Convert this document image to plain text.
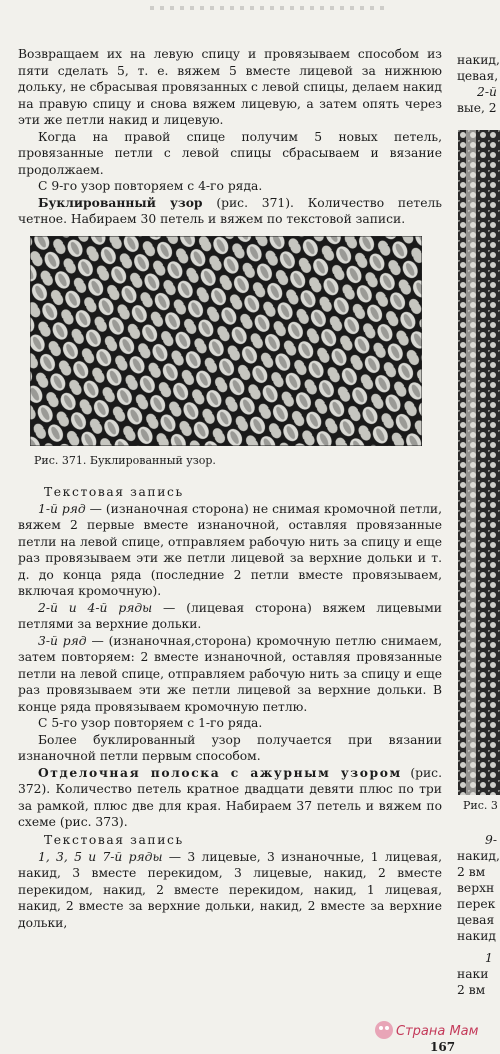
Возвращаем их на левую спицу и провязываем способом из пяти сделать 5, т. е. вяжем 5 вместе лицевой за нижнюю дольку, не сбрасывая провязанных с левой спицы, делаем накид на правую спицу и снова вяжем лицевую, а затем опять через эти же петли накид и лицевую.

Когда на правой спице получим 5 новых петель, провязанные петли с левой спицы сбрасываем и вязание продолжаем.

С 9-го узор повторяем с 4-го ряда.

Буклированный узор (рис. 371). Количество петель четное. Набираем 30 петель и вяжем по текстовой записи.

Рис. 371. Буклированный узор.

Текстовая запись

1-й ряд — (изнаночная сторона) не снимая кромочной петли, вяжем 2 первые вместе изнаночной, оставляя провязанные петли на левой спице, отправляем рабочую нить за спицу и еще раз провязываем эти же петли лицевой за верхние дольки и т. д. до конца ряда (последние 2 петли вместе провязываем, включая кромочную).

2-й и 4-й ряды — (лицевая сторона) вяжем лицевыми петлями за верхние дольки.

3-й ряд — (изнаночная,сторона) кромочную петлю снимаем, затем повторяем: 2 вместе изнаночной, оставляя провязанные петли на левой спице, отправляем рабочую нить за спицу и еще раз провязываем эти же петли лицевой за верхние дольки. В конце ряда провязываем кромочную петлю.

С 5-го узор повторяем с 1-го ряда.

Более буклированный узор получается при вязании изнаночной петли первым способом.

Отделочная полоска с ажурным узором (рис. 372). Количество петель кратное двадцати девяти плюс по три за рамкой, плюс две для края. Набираем 37 петель и вяжем по схеме (рис. 373).

Текстовая запись

1, 3, 5 и 7-й ряды — 3 лицевые, 3 изнаночные, 1 лицевая, накид, 3 вместе перекидом, 3 лицевые, накид, 2 вместе перекидом, накид, 2 вместе перекидом, накид, 1 лицевая, накид, 2 вместе за верхние дольки, накид, 2 вместе за верхние дольки,

накид,
цевая,
2-й
вые, 2
Рис. 3
9-
накид,
2 вм
верхн
перек
цевая
накид
1
наки
2 вм
167
Страна Мам
